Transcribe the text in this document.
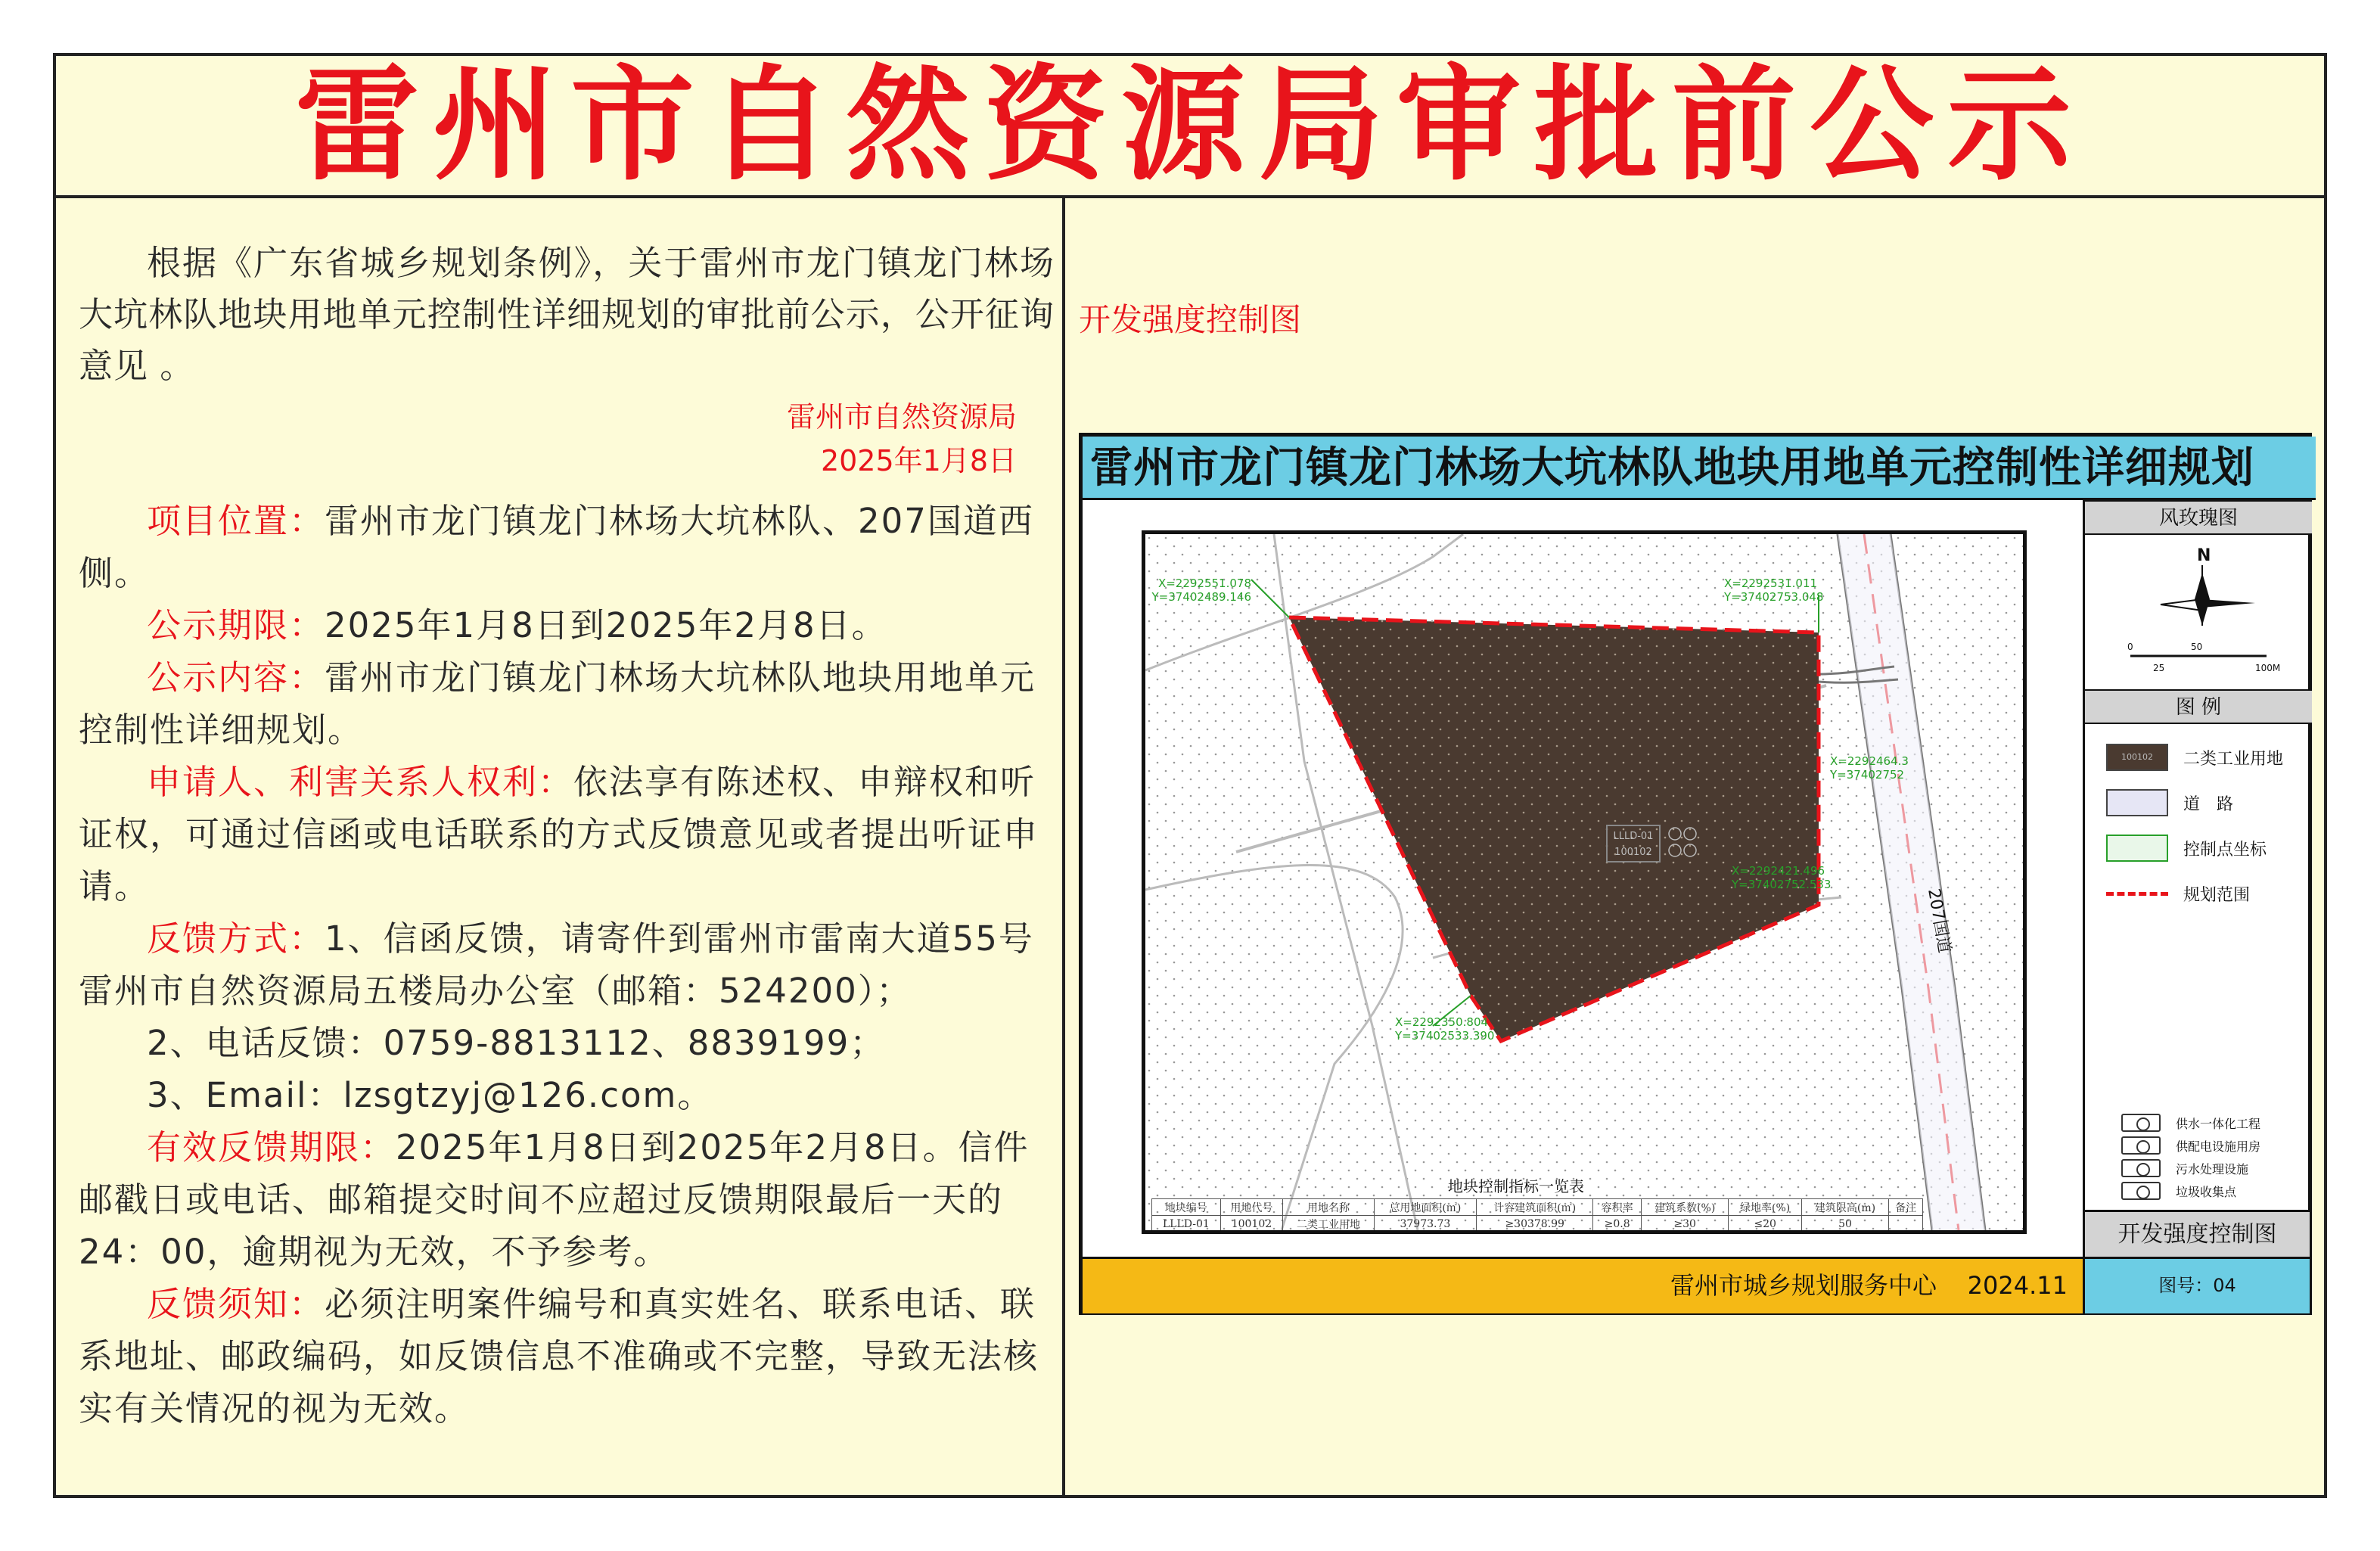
雷州市自然资源局审批前公示

根据《广东省城乡规划条例》，关于雷州市龙门镇龙门林场大坑林队地块用地单元控制性详细规划的审批前公示，公开征询意见 。

雷州市自然资源局
2025年1月8日

项目位置：雷州市龙门镇龙门林场大坑林队、207国道西侧。

公示期限：2025年1月8日到2025年2月8日。

公示内容：雷州市龙门镇龙门林场大坑林队地块用地单元控制性详细规划。

申请人、利害关系人权利：依法享有陈述权、申辩权和听证权，可通过信函或电话联系的方式反馈意见或者提出听证申请。

反馈方式：1、信函反馈，请寄件到雷州市雷南大道55号雷州市自然资源局五楼局办公室（邮箱：524200）；

2、电话反馈：0759-8813112、8839199；

3、Email：lzsgtzyj@126.com。

有效反馈期限：2025年1月8日到2025年2月8日。信件邮戳日或电话、邮箱提交时间不应超过反馈期限最后一天的24：00，逾期视为无效，不予参考。

反馈须知：必须注明案件编号和真实姓名、联系电话、联系地址、邮政编码，如反馈信息不准确或不完整，导致无法核实有关情况的视为无效。

开发强度控制图
雷州市龙门镇龙门林场大坑林队地块用地单元控制性详细规划
LLLD-01
100102
207国道
X=2292551.078
Y=37402489.146
X=2292531.011
Y=37402753.048
X=2292464.3
Y=37402752
X=2292421.496
Y=37402752.533
X=2292350.804
Y=37402533.390
地块控制指标一览表
地块编号	用地代号	用地名称	总用地面积(㎡)	计容建筑面积(㎡)	容积率	建筑系数(%)	绿地率(%)	建筑限高(m)	备注
LLLD-01	100102	二类工业用地	37973.73	≥30378.99	≥0.8	≥30	≤20	50	
风玫瑰图
N
0
25
50
100M
图 例
100102	二类工业用地
道　路
控制点坐标
规划范围
供水一体化工程
供配电设施用房
污水处理设施
垃圾收集点
开发强度控制图
雷州市城乡规划服务中心 2024.11	图号：04
